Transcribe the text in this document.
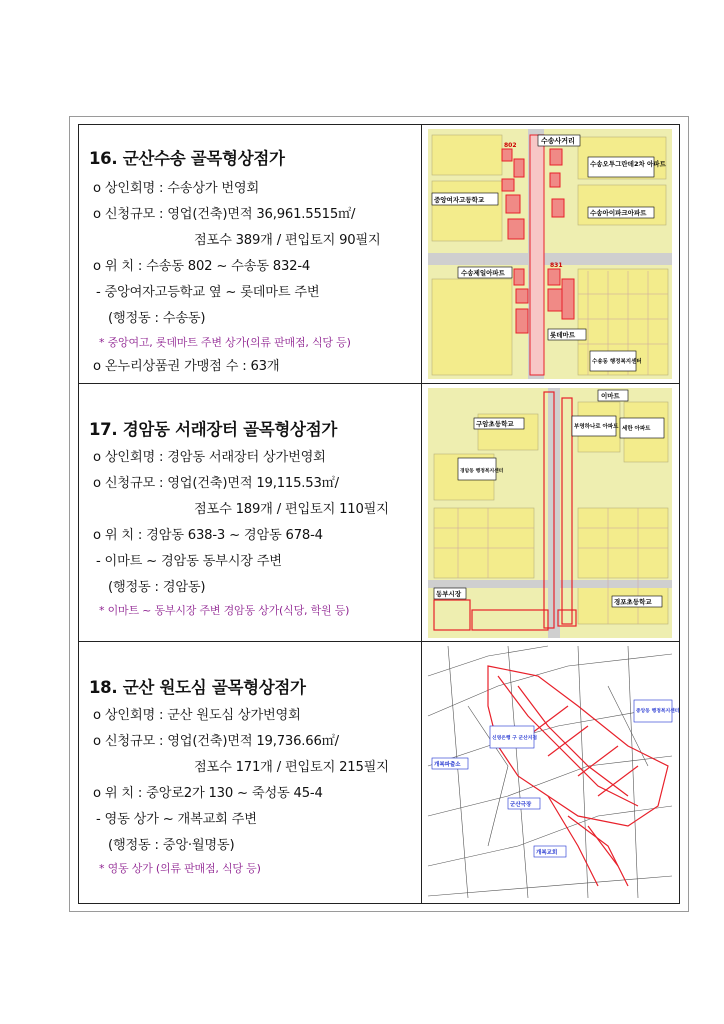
16. 군산수송 골목형상점가
o 상인회명 : 수송상가 번영회
o 신청규모 : 영업(건축)면적 36,961.5515㎡/
점포수 389개 / 편입토지 90필지
o 위 치 : 수송동 802 ~ 수송동 832-4
- 중앙여자고등학교 옆 ~ 롯데마트 주변
(행정동 : 수송동)
* 중앙여고, 롯데마트 주변 상가(의류 판매점, 식당 등)
o 온누리상품권 가맹점 수 : 63개
수송사거리
802
수송오투그란데2차 아파트
중앙여자고등학교
수송아이파크아파트
수송제일아파트
831
롯데마트
수송동 행정복지센터
17. 경암동 서래장터 골목형상점가
o 상인회명 : 경암동 서래장터 상가번영회
o 신청규모 : 영업(건축)면적 19,115.53㎡/
점포수 189개 / 편입토지 110필지
o 위 치 : 경암동 638-3 ~ 경암동 678-4
- 이마트 ~ 경암동 동부시장 주변
(행정동 : 경암동)
* 이마트 ~ 동부시장 주변 경암동 상가(식당, 학원 등)
이마트
구암초등학교	부영하나로 아파트 세한 아파트
경암동 행정복지센터
동부시장
경포초등학교
18. 군산 원도심 골목형상점가
o 상인회명 : 군산 원도심 상가번영회
o 신청규모 : 영업(건축)면적 19,736.66㎡/
점포수 171개 / 편입토지 215필지
o 위 치 : 중앙로2가 130 ~ 죽성동 45-4
- 영동 상가 ~ 개복교회 주변
(행정동 : 중앙·월명동)
* 영동 상가 (의류 판매점, 식당 등)
중앙동 행정복지센터
신영은행 구 군산지점
개복파출소
군산극장
개복교회
